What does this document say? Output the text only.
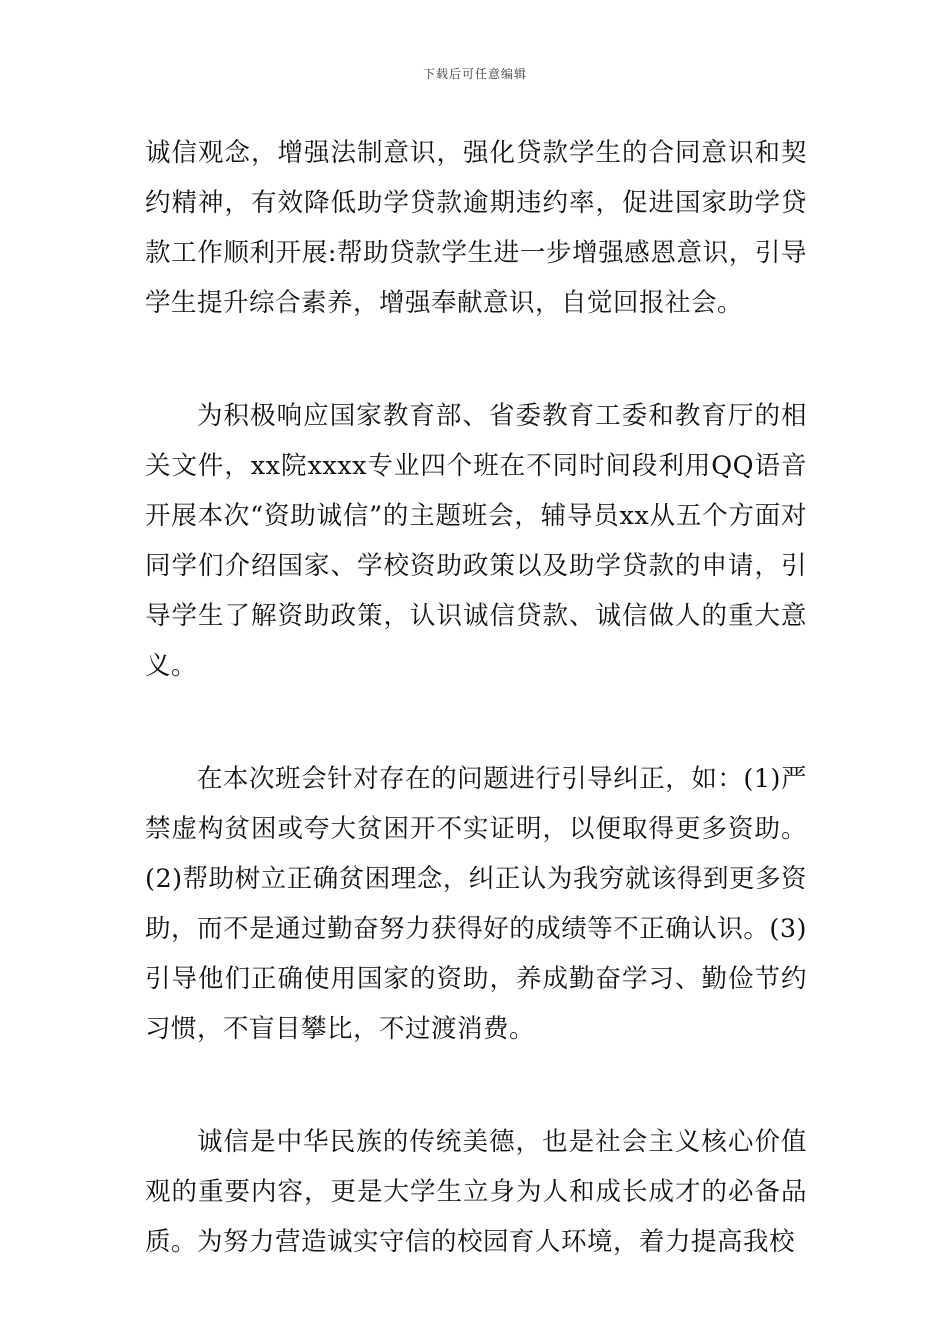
下载后可任意编辑

诚信观念，增强法制意识，强化贷款学生的合同意识和契约精神，有效降低助学贷款逾期违约率，促进国家助学贷款工作顺利开展:帮助贷款学生进一步增强感恩意识，引导学生提升综合素养，增强奉献意识，自觉回报社会。

为积极响应国家教育部、省委教育工委和教育厅的相关文件，xx院xxxx专业四个班在不同时间段利用QQ语音开展本次“资助诚信”的主题班会，辅导员xx从五个方面对同学们介绍国家、学校资助政策以及助学贷款的申请，引导学生了解资助政策，认识诚信贷款、诚信做人的重大意义。

在本次班会针对存在的问题进行引导纠正，如：(1)严禁虚构贫困或夸大贫困开不实证明，以便取得更多资助。(2)帮助树立正确贫困理念，纠正认为我穷就该得到更多资助，而不是通过勤奋努力获得好的成绩等不正确认识。(3)引导他们正确使用国家的资助，养成勤奋学习、勤俭节约习惯，不盲目攀比，不过渡消费。

诚信是中华民族的传统美德，也是社会主义核心价值观的重要内容，更是大学生立身为人和成长成才的必备品质。为努力营造诚实守信的校园育人环境，着力提高我校
